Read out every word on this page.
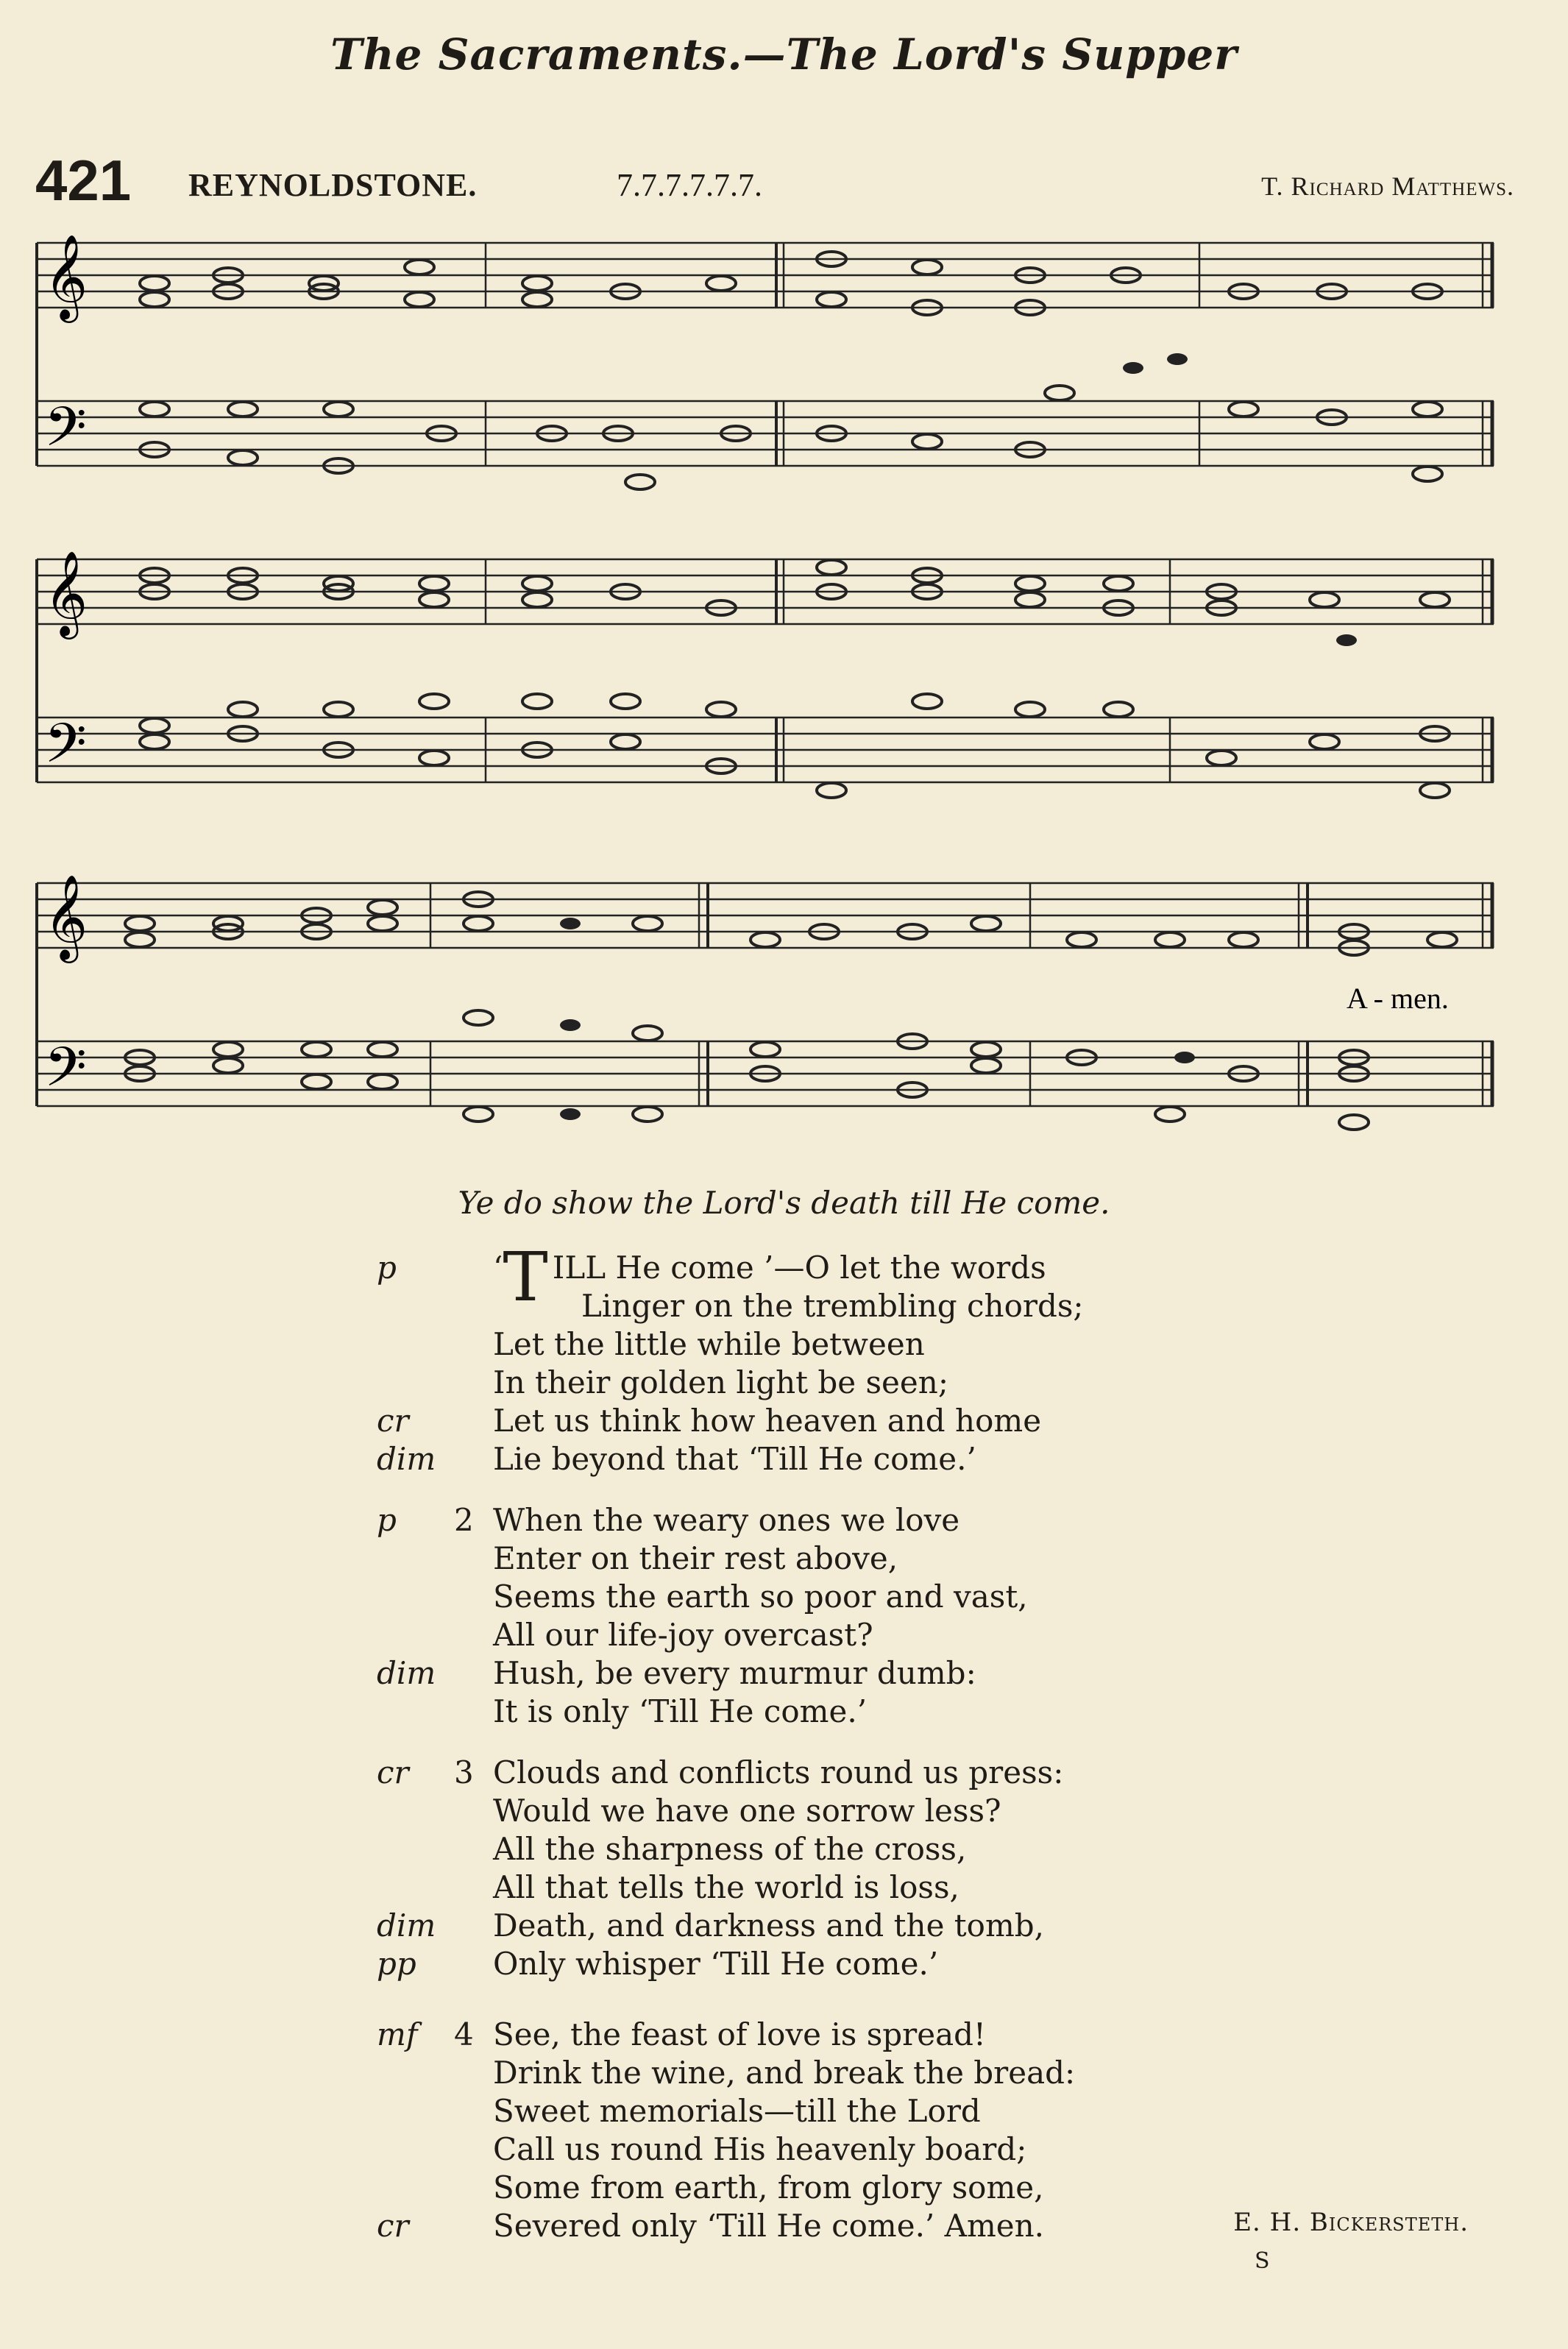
The Sacraments.—The Lord's Supper
421 REYNOLDSTONE.	7.7.7.7.7.7.	T. Richard Matthews.
𝄞
𝄢
𝄞
𝄢
𝄞
𝄢
A - men.
Ye do show the Lord's death till He come.
p	‘T ILL He come ’—O let the words
Linger on the trembling chords;
Let the little while between
In their golden light be seen;
cr	Let us think how heaven and home
dim Lie beyond that ‘Till He come.’
p 2 When the weary ones we love
Enter on their rest above,
Seems the earth so poor and vast,
All our life-joy overcast?
dim Hush, be every murmur dumb:
It is only ‘Till He come.’
cr 3 Clouds and conflicts round us press:
Would we have one sorrow less?
All the sharpness of the cross,
All that tells the world is loss,
dim Death, and darkness and the tomb,
pp Only whisper ‘Till He come.’
mf 4 See, the feast of love is spread!
Drink the wine, and break the bread:
Sweet memorials—till the Lord
Call us round His heavenly board;
Some from earth, from glory some,
cr	Severed only ‘Till He come.’ Amen.	E. H. Bickersteth.
S
